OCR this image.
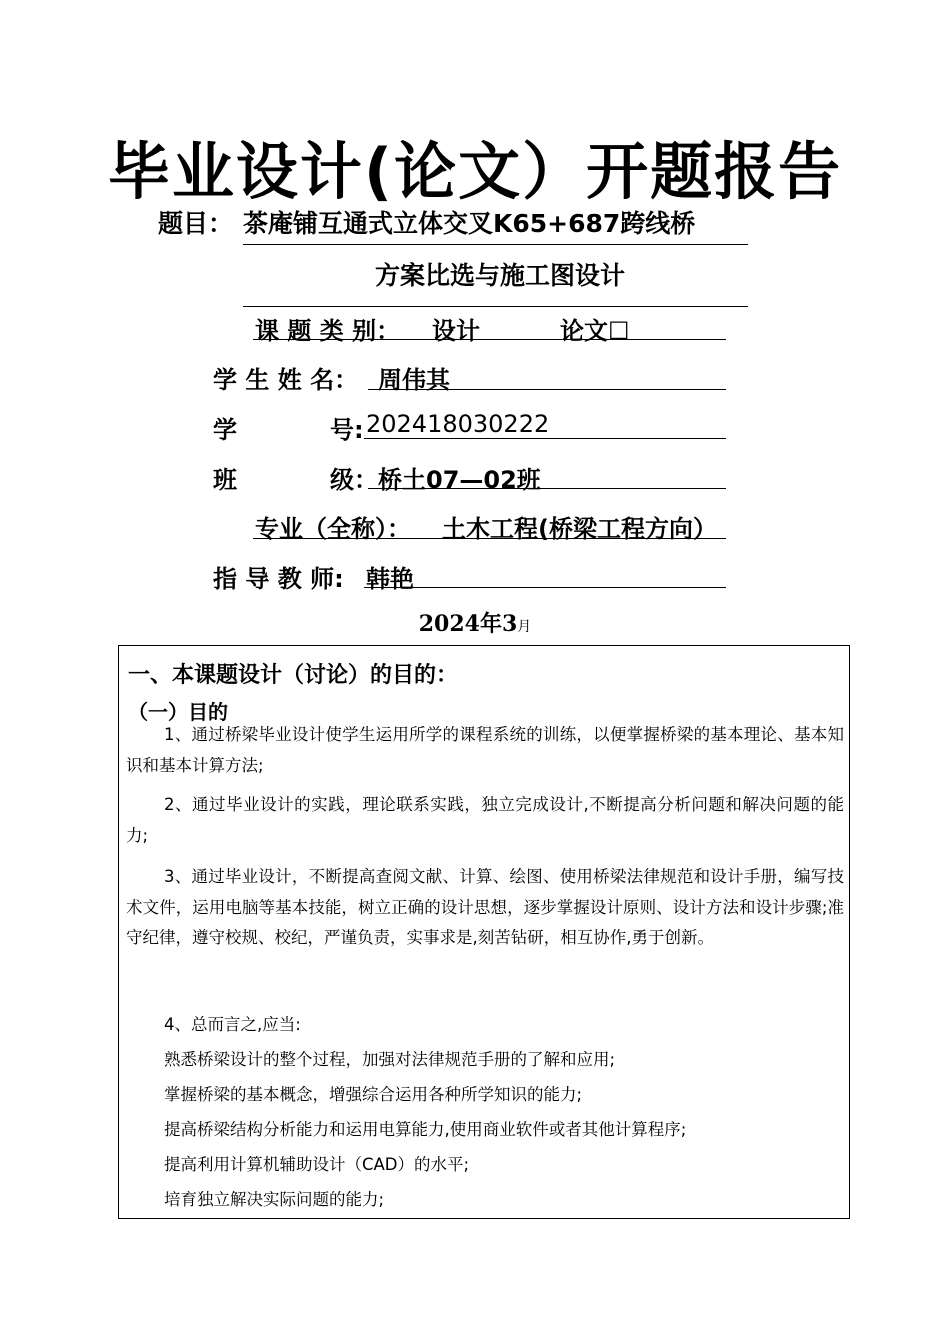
毕业设计(论文）开题报告
题目： 茶庵铺互通式立体交叉K65+687跨线桥
方案比选与施工图设计
课 题 类 别： 设计	论文☐
学 生 姓 名： 周伟其
学	号: 202418030222
班	级： 桥土07—02班
专业（全称）： 土木工程(桥梁工程方向）
指 导 教 师: 韩艳
2024年3月
一、本课题设计（讨论）的目的：
（一）目的
1、通过桥梁毕业设计使学生运用所学的课程系统的训练，以便掌握桥梁的基本理论、基本知识和基本计算方法;
2、通过毕业设计的实践，理论联系实践，独立完成设计,不断提高分析问题和解决问题的能力;
3、通过毕业设计，不断提高查阅文献、计算、绘图、使用桥梁法律规范和设计手册，编写技术文件，运用电脑等基本技能，树立正确的设计思想，逐步掌握设计原则、设计方法和设计步骤;准守纪律，遵守校规、校纪，严谨负责，实事求是,刻苦钻研，相互协作,勇于创新。
4、总而言之,应当:
熟悉桥梁设计的整个过程，加强对法律规范手册的了解和应用;
掌握桥梁的基本概念，增强综合运用各种所学知识的能力;
提高桥梁结构分析能力和运用电算能力,使用商业软件或者其他计算程序;
提高利用计算机辅助设计（CAD）的水平;
培育独立解决实际问题的能力;
